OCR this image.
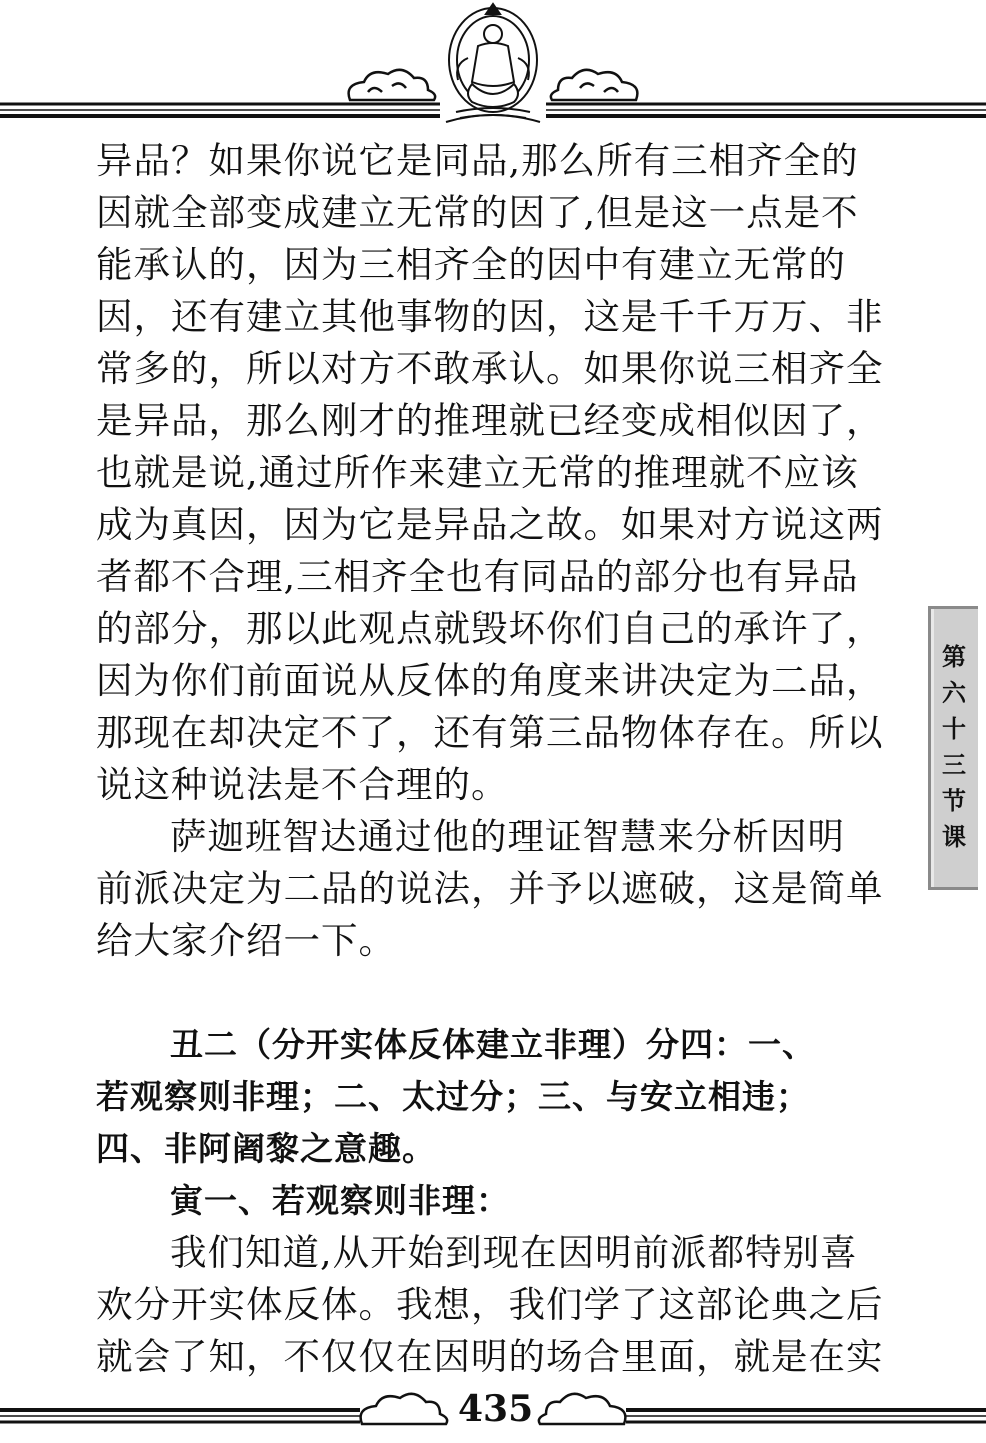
异品？如果你说它是同品,那么所有三相齐全的
因就全部变成建立无常的因了,但是这一点是不
能承认的，因为三相齐全的因中有建立无常的
因，还有建立其他事物的因，这是千千万万、非
常多的，所以对方不敢承认。如果你说三相齐全
是异品，那么刚才的推理就已经变成相似因了，
也就是说,通过所作来建立无常的推理就不应该
成为真因，因为它是异品之故。如果对方说这两
者都不合理,三相齐全也有同品的部分也有异品
的部分，那以此观点就毁坏你们自己的承许了，
因为你们前面说从反体的角度来讲决定为二品，
那现在却决定不了，还有第三品物体存在。所以
说这种说法是不合理的。
萨迦班智达通过他的理证智慧来分析因明
前派决定为二品的说法，并予以遮破，这是简单
给大家介绍一下。
丑二（分开实体反体建立非理）分四：一、
若观察则非理；二、太过分；三、与安立相违；
四、非阿阇黎之意趣。
寅一、若观察则非理：
我们知道,从开始到现在因明前派都特别喜
欢分开实体反体。我想，我们学了这部论典之后
就会了知，不仅仅在因明的场合里面，就是在实
第
六
十
三
节
课
435
